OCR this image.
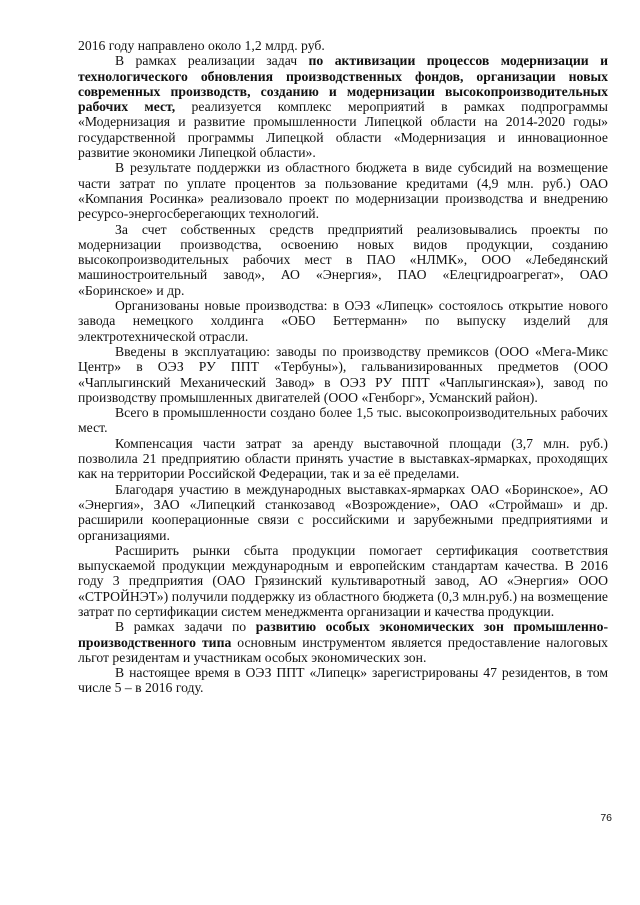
2016 году направлено около 1,2 млрд. руб.

В рамках реализации задач по активизации процессов модернизации и технологического обновления производственных фондов, организации новых современных производств, созданию и модернизации высокопроизводительных рабочих мест, реализуется комплекс мероприятий в рамках подпрограммы «Модернизация и развитие промышленности Липецкой области на 2014-2020 годы» государственной программы Липецкой области «Модернизация и инновационное развитие экономики Липецкой области».

В результате поддержки из областного бюджета в виде субсидий на возмещение части затрат по уплате процентов за пользование кредитами (4,9 млн. руб.) ОАО «Компания Росинка» реализовало проект по модернизации производства и внедрению ресурсо-энергосберегающих технологий.

За счет собственных средств предприятий реализовывались проекты по модернизации производства, освоению новых видов продукции, созданию высокопроизводительных рабочих мест в ПАО «НЛМК», ООО «Лебедянский машиностроительный завод», АО «Энергия», ПАО «Елецгидроагрегат», ОАО «Боринское» и др.

Организованы новые производства: в ОЭЗ «Липецк» состоялось открытие нового завода немецкого холдинга «ОБО Беттерманн» по выпуску изделий для электротехнической отрасли.

Введены в эксплуатацию: заводы по производству премиксов (ООО «Мега-Микс Центр» в ОЭЗ РУ ППТ «Тербуны»), гальванизированных предметов (ООО «Чаплыгинский Механический Завод» в ОЭЗ РУ ППТ «Чаплыгинская»), завод по производству промышленных двигателей (ООО «Генборг», Усманский район).

Всего в промышленности создано более 1,5 тыс. высокопроизводительных рабочих мест.

Компенсация части затрат за аренду выставочной площади (3,7 млн. руб.) позволила 21 предприятию области принять участие в выставках-ярмарках, проходящих как на территории Российской Федерации, так и за её пределами.

Благодаря участию в международных выставках-ярмарках ОАО «Боринское», АО «Энергия», ЗАО «Липецкий станкозавод «Возрождение», ОАО «Строймаш» и др. расширили кооперационные связи с российскими и зарубежными предприятиями и организациями.

Расширить рынки сбыта продукции помогает сертификация соответствия выпускаемой продукции международным и европейским стандартам качества. В 2016 году 3 предприятия (ОАО Грязинский культиваротный завод, АО «Энергия» ООО «СТРОЙНЭТ») получили поддержку из областного бюджета (0,3 млн.руб.) на возмещение затрат по сертификации систем менеджмента организации и качества продукции.

В рамках задачи по развитию особых экономических зон промышленно-производственного типа основным инструментом является предоставление налоговых льгот резидентам и участникам особых экономических зон.

В настоящее время в ОЭЗ ППТ «Липецк» зарегистрированы 47 резидентов, в том числе 5 – в 2016 году.

76
